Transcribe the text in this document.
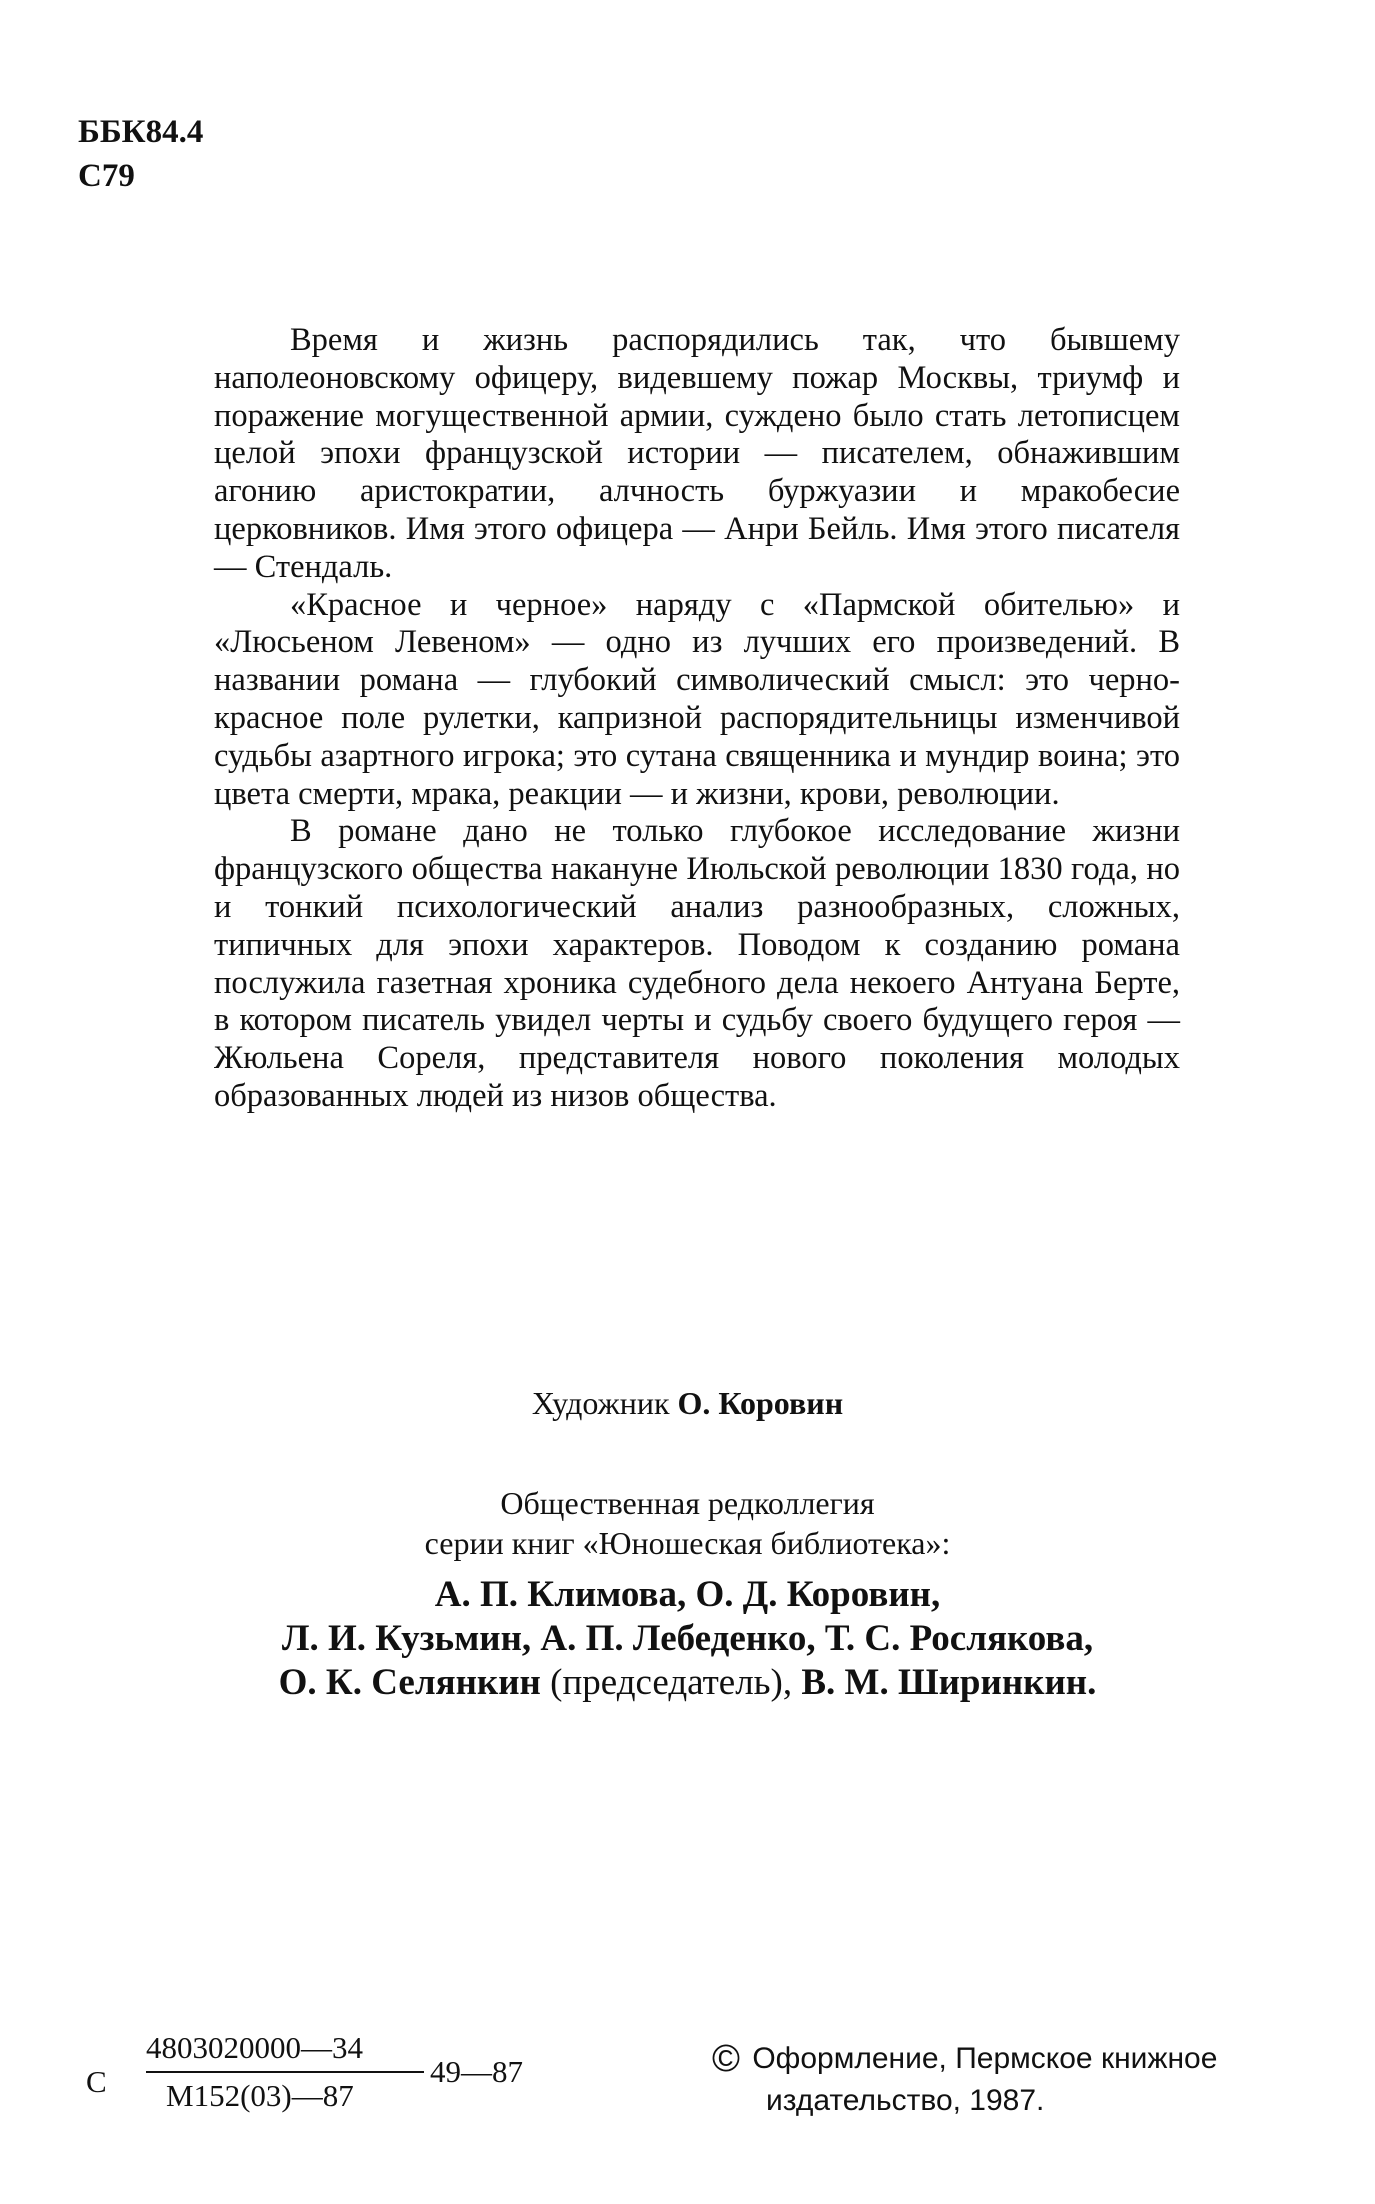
ББК84.4
С79

Время и жизнь распорядились так, что бывшему наполеоновскому офицеру, видевшему пожар Москвы, триумф и поражение могущественной армии, суждено было стать летописцем целой эпохи французской истории — писателем, обнажившим агонию аристократии, алчность буржуазии и мракобесие церковников. Имя этого офицера — Анри Бейль. Имя этого писателя — Стендаль.

«Красное и черное» наряду с «Пармской обителью» и «Люсьеном Левеном» — одно из лучших его произведений. В названии романа — глубокий символический смысл: это черно-красное поле рулетки, капризной распорядительницы изменчивой судьбы азартного игрока; это сутана священника и мундир воина; это цвета смерти, мрака, реакции — и жизни, крови, революции.

В романе дано не только глубокое исследование жизни французского общества накануне Июльской революции 1830 года, но и тонкий психологический анализ разнообразных, сложных, типичных для эпохи характеров. Поводом к созданию романа послужила газетная хроника судебного дела некоего Антуана Берте, в котором писатель увидел черты и судьбу своего будущего героя — Жюльена Сореля, представителя нового поколения молодых образованных людей из низов общества.

Художник О. Коровин
Общественная редколлегия
серии книг «Юношеская библиотека»:
А. П. Климова, О. Д. Коровин,
Л. И. Кузьмин, А. П. Лебеденко, Т. С. Рослякова,
О. К. Селянкин (председатель), В. М. Ширинкин.
С
4803020000—34
М152(03)—87
49—87	© Оформление, Пермское книжное
издательство, 1987.
